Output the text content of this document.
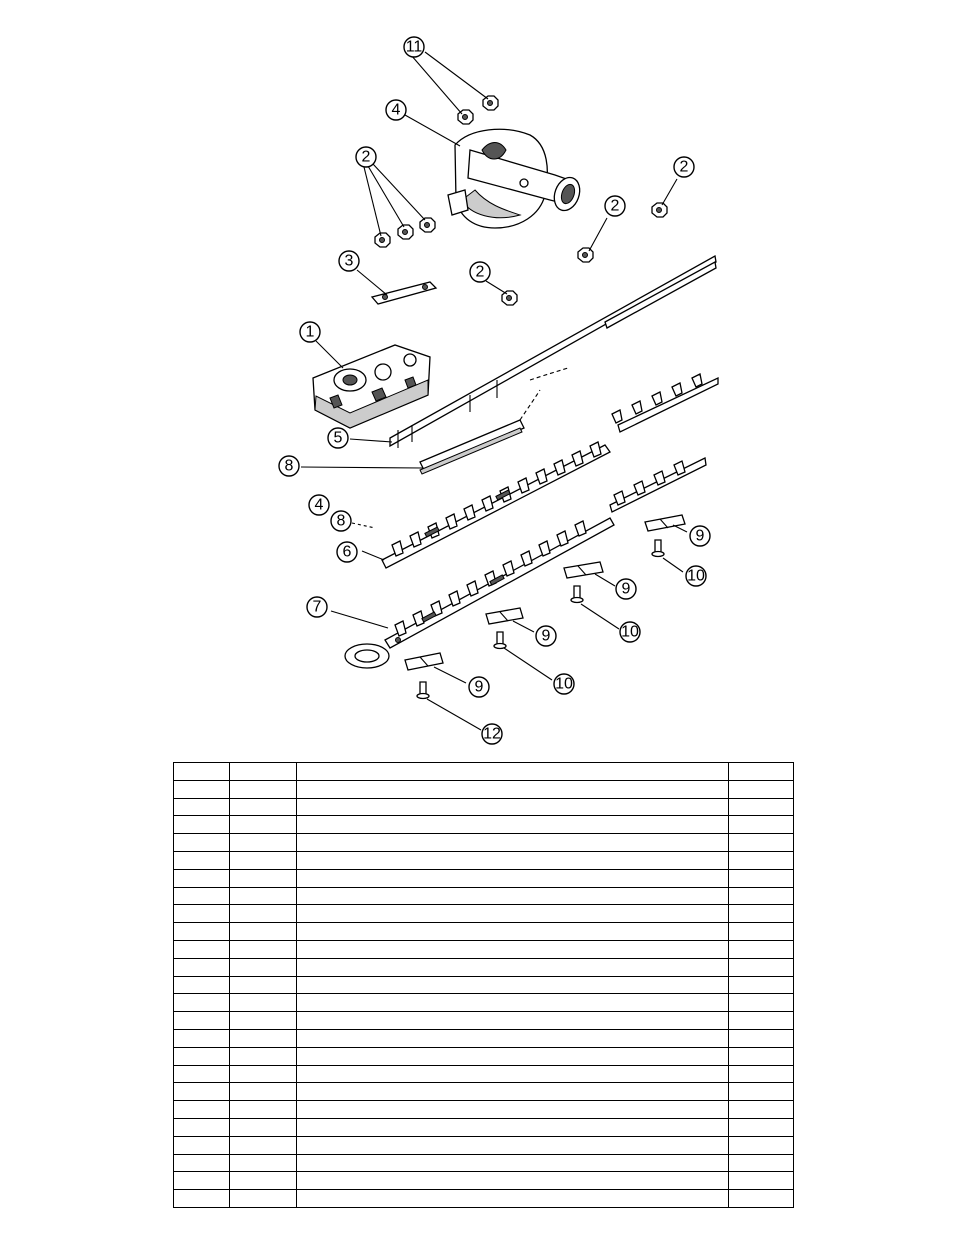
11
4
2
2
2
2
3
1
5
8
4
8
6
7
9
10
9
10
9
10
9
12
